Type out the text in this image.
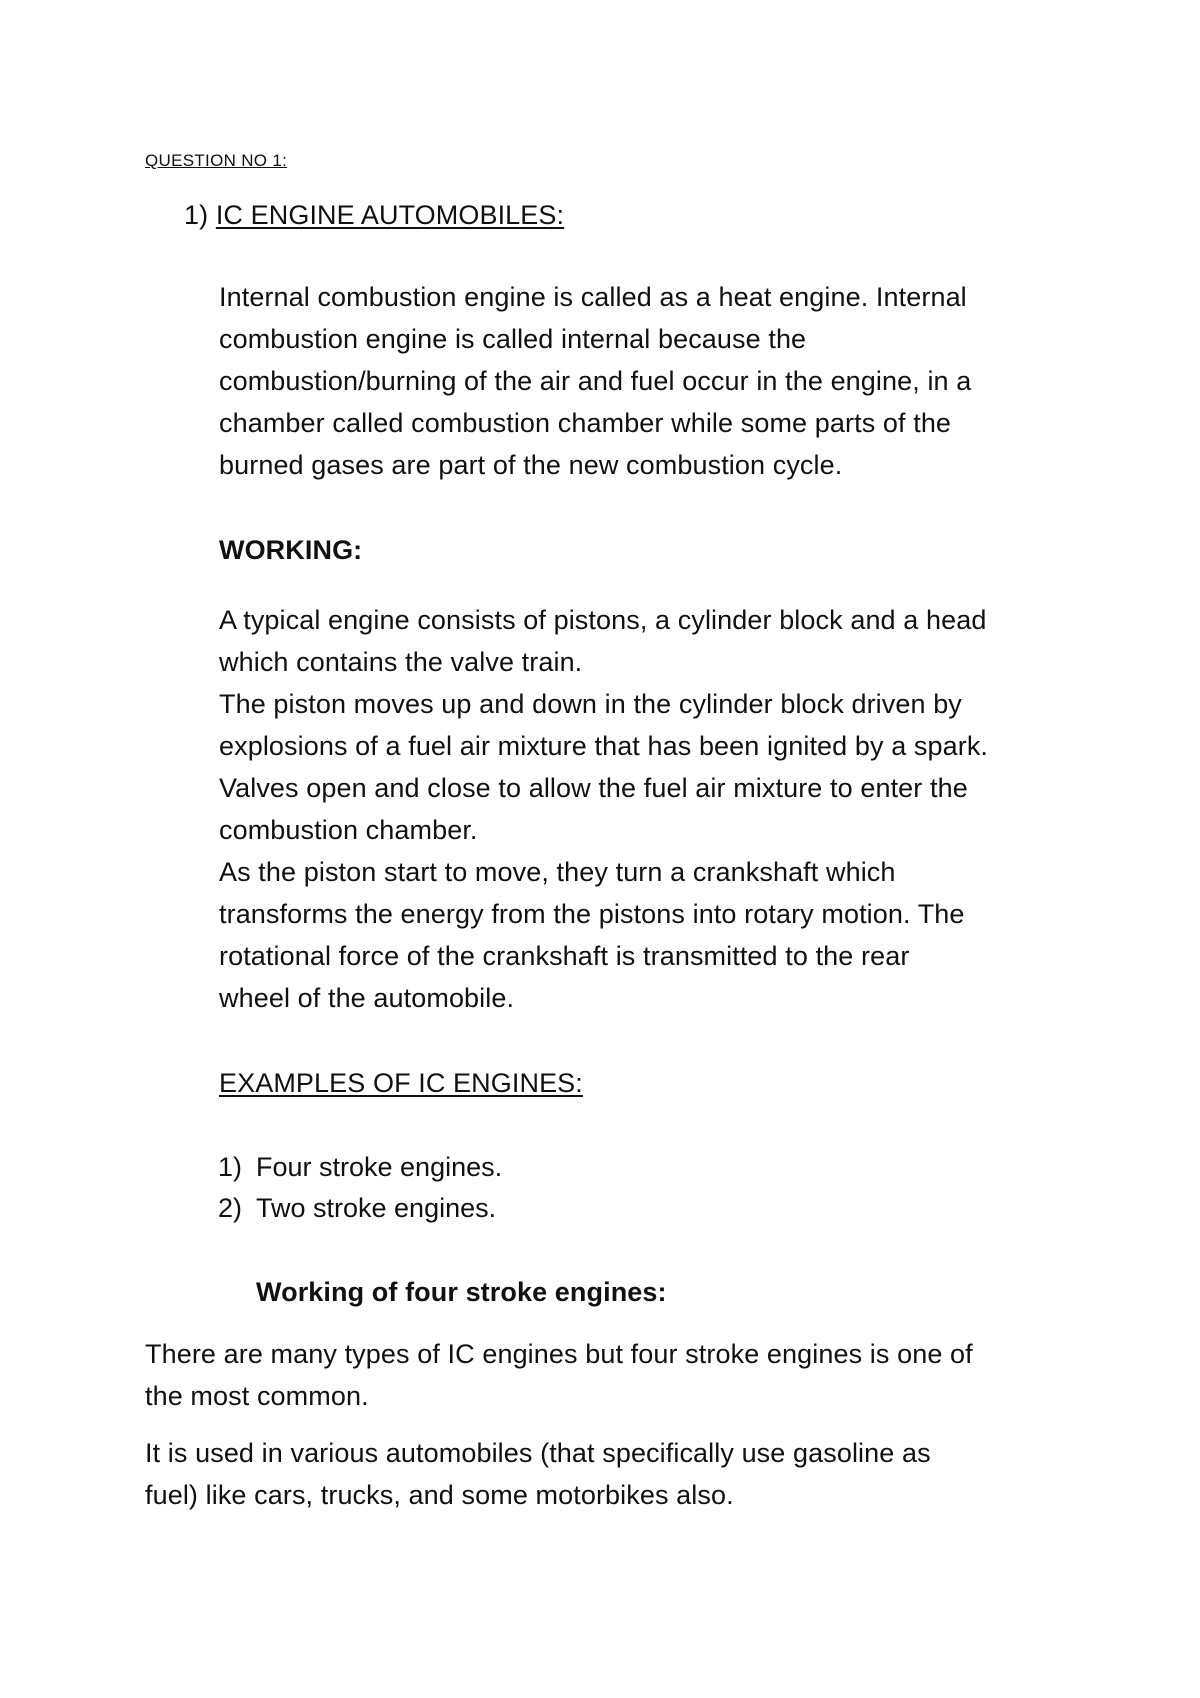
QUESTION NO 1:
1) IC ENGINE AUTOMOBILES:
Internal combustion engine is called as a heat engine. Internal
combustion engine is called internal because the
combustion/burning of the air and fuel occur in the engine, in a
chamber called combustion chamber while some parts of the
burned gases are part of the new combustion cycle.
WORKING:
A typical engine consists of pistons, a cylinder block and a head
which contains the valve train.
The piston moves up and down in the cylinder block driven by
explosions of a fuel air mixture that has been ignited by a spark.
Valves open and close to allow the fuel air mixture to enter the
combustion chamber.
As the piston start to move, they turn a crankshaft which
transforms the energy from the pistons into rotary motion. The
rotational force of the crankshaft is transmitted to the rear
wheel of the automobile.
EXAMPLES OF IC ENGINES:
1) Four stroke engines.
2) Two stroke engines.
Working of four stroke engines:
There are many types of IC engines but four stroke engines is one of
the most common.
It is used in various automobiles (that specifically use gasoline as
fuel) like cars, trucks, and some motorbikes also.
